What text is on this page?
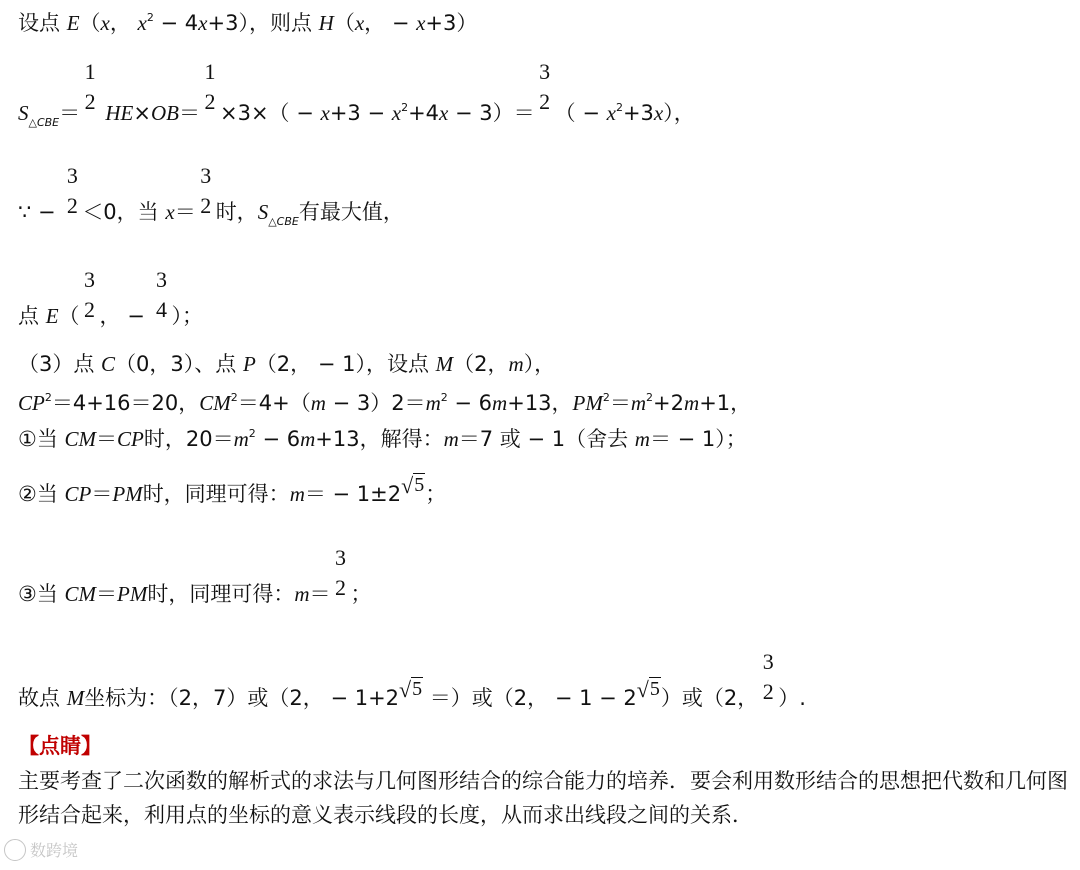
设点 E（x， $x^2 - 4x+3$），则点 H（x， − x+3）
$S_{\triangle CBE}=$
1
2 HE×OB＝
1
$2 \times 3\times( - x+3 - x^2+4x - 3)=$
3
2 （ − $x^2+3x$），
∵ −
3
2 ＜0，当 x＝
3
2 时，$S_{\triangle CBE}$有最大值，
点 E（
3
2 ， −
3
4 ）；
（3）点 C（0，3）、点 P（2， − 1），设点 M（2，m），
$CP^2=4+16=20$，$CM^2=4+(m - 3)2=m^2 - 6m+13$，$PM^2=m^2+2m+1$，
①当 CM＝CP时，$20=m^2 - 6m+13$，解得：m＝7 或 − 1（舍去 m＝ − 1）；
②当 CP＝PM时，同理可得：m＝ − 1±2√5；
③当 CM＝PM时，同理可得：m＝
3
2 ；
故点 M坐标为：（2，7）或（2， − 1+2√5 ＝）或（2， − 1 − 2√5）或（2，
3
2 ）.
【点睛】
主要考查了二次函数的解析式的求法与几何图形结合的综合能力的培养．要会利用数形结合的思想把代数和几何图形结合起来，利用点的坐标的意义表示线段的长度，从而求出线段之间的关系．
数跨境
